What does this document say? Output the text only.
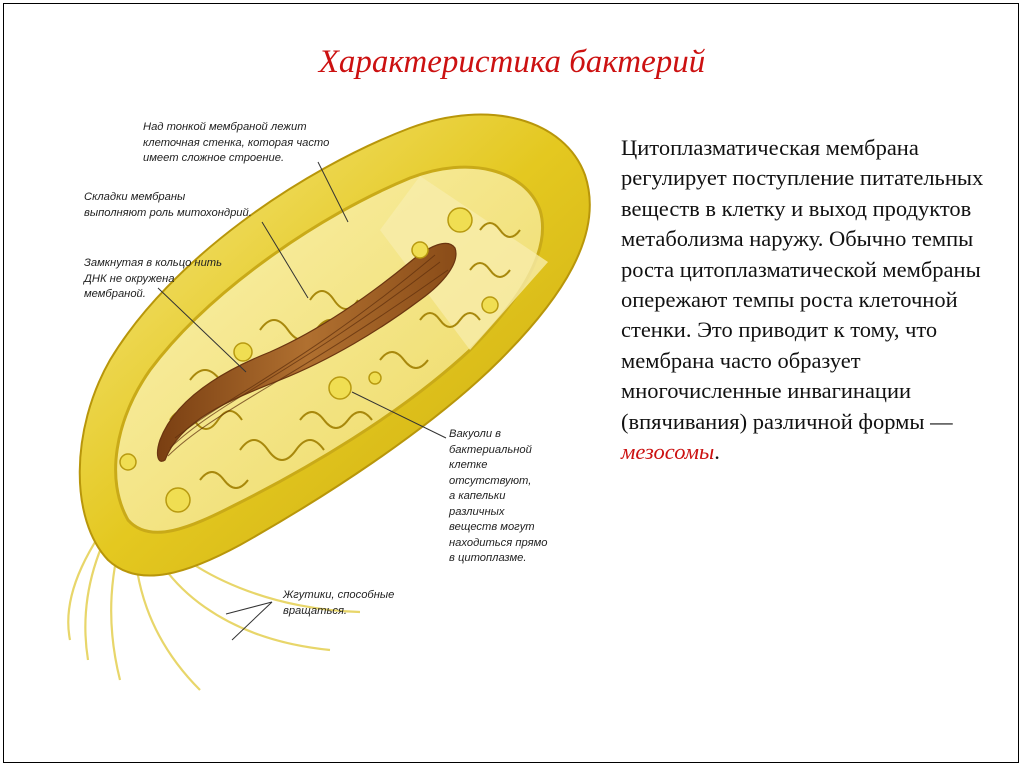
Характеристика бактерий
Над тонкой мембраной лежит
клеточная стенка, которая часто
имеет сложное строение.
Складки мембраны
выполняют роль митохондрий.
Замкнутая в кольцо нить
ДНК не окружена
мембраной.
Вакуоли в
бактериальной
клетке
отсутствуют,
а капельки
различных
веществ могут
находиться прямо
в цитоплазме.
Жгутики, способные
вращаться.
Цитоплазматическая мембрана регулирует поступление питательных веществ в клетку и выход продуктов метаболизма наружу. Обычно темпы роста цитоплазматической мембраны опережают темпы роста клеточной стенки. Это приводит к тому, что мембрана часто образует многочисленные инвагинации (впячивания) различной формы — мезосомы.
